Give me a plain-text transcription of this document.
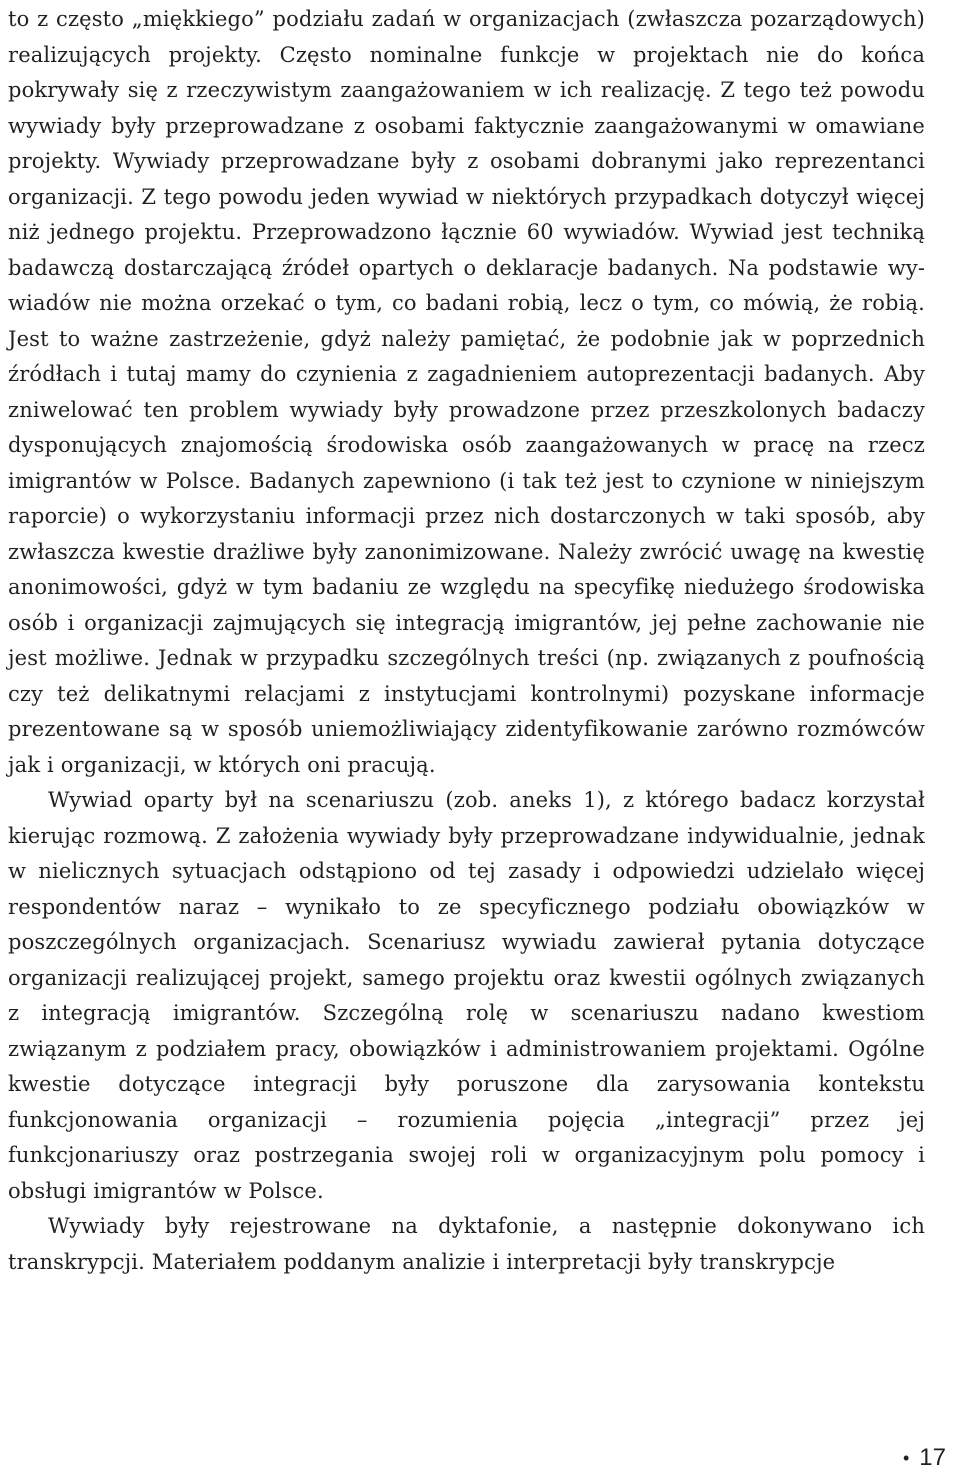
to z często „miękkiego” podziału zadań w organizacjach (zwłaszcza pozarządowych) realizujących projekty. Często nominalne funkcje w projektach nie do końca pokrywały się z rzeczywistym zaangażowaniem w ich realizację. Z tego też powodu wywiady były przeprowadzane z osobami faktycznie zaangażowanymi w omawiane projekty. Wywiady przeprowadzane były z osobami dobranymi jako reprezentanci organizacji. Z tego powodu jeden wywiad w niektórych przypadkach dotyczył więcej niż jednego projektu. Przeprowadzono łącznie 60 wywiadów. Wywiad jest techniką badawczą dostarczającą źródeł opartych o deklaracje badanych. Na podstawie wywiadów nie można orzekać o tym, co badani robią, lecz o tym, co mówią, że robią. Jest to ważne zastrzeżenie, gdyż należy pamiętać, że podobnie jak w poprzednich źródłach i tutaj mamy do czynienia z zagadnieniem autoprezentacji badanych. Aby zniwelować ten problem wywiady były prowadzone przez przeszkolonych badaczy dysponujących znajomością środowiska osób zaangażowanych w pracę na rzecz imigrantów w Polsce. Badanych zapewniono (i tak też jest to czynione w niniejszym raporcie) o wykorzystaniu informacji przez nich dostarczonych w taki sposób, aby zwłaszcza kwestie drażliwe były zanonimizowane. Należy zwrócić uwagę na kwestię anonimowości, gdyż w tym badaniu ze względu na specyfikę niedużego środowiska osób i organizacji zajmujących się integracją imigrantów, jej pełne zachowanie nie jest możliwe. Jednak w przypadku szczególnych treści (np. związanych z poufnością czy też delikatnymi relacjami z instytucjami kontrolnymi) pozyskane informacje prezentowane są w sposób uniemożliwiający zidentyfikowanie zarówno rozmówców jak i organizacji, w których oni pracują.

Wywiad oparty był na scenariuszu (zob. aneks 1), z którego badacz korzystał kierując rozmową. Z założenia wywiady były przeprowadzane indywidualnie, jednak w nielicznych sytuacjach odstąpiono od tej zasady i odpowiedzi udzielało więcej respondentów naraz – wynikało to ze specyficznego podziału obowiązków w poszczególnych organizacjach. Scenariusz wywiadu zawierał pytania dotyczące organizacji realizującej projekt, samego projektu oraz kwestii ogólnych związanych z integracją imigrantów. Szczególną rolę w scenariuszu nadano kwestiom związanym z podziałem pracy, obowiązków i administrowaniem projektami. Ogólne kwestie dotyczące integracji były poruszone dla zarysowania kontekstu funkcjonowania organizacji – rozumienia pojęcia „integracji” przez jej funkcjonariuszy oraz postrzegania swojej roli w organizacyjnym polu pomocy i obsługi imigrantów w Polsce.

Wywiady były rejestrowane na dyktafonie, a następnie dokonywano ich transkrypcji. Materiałem poddanym analizie i interpretacji były transkrypcje

• 17
